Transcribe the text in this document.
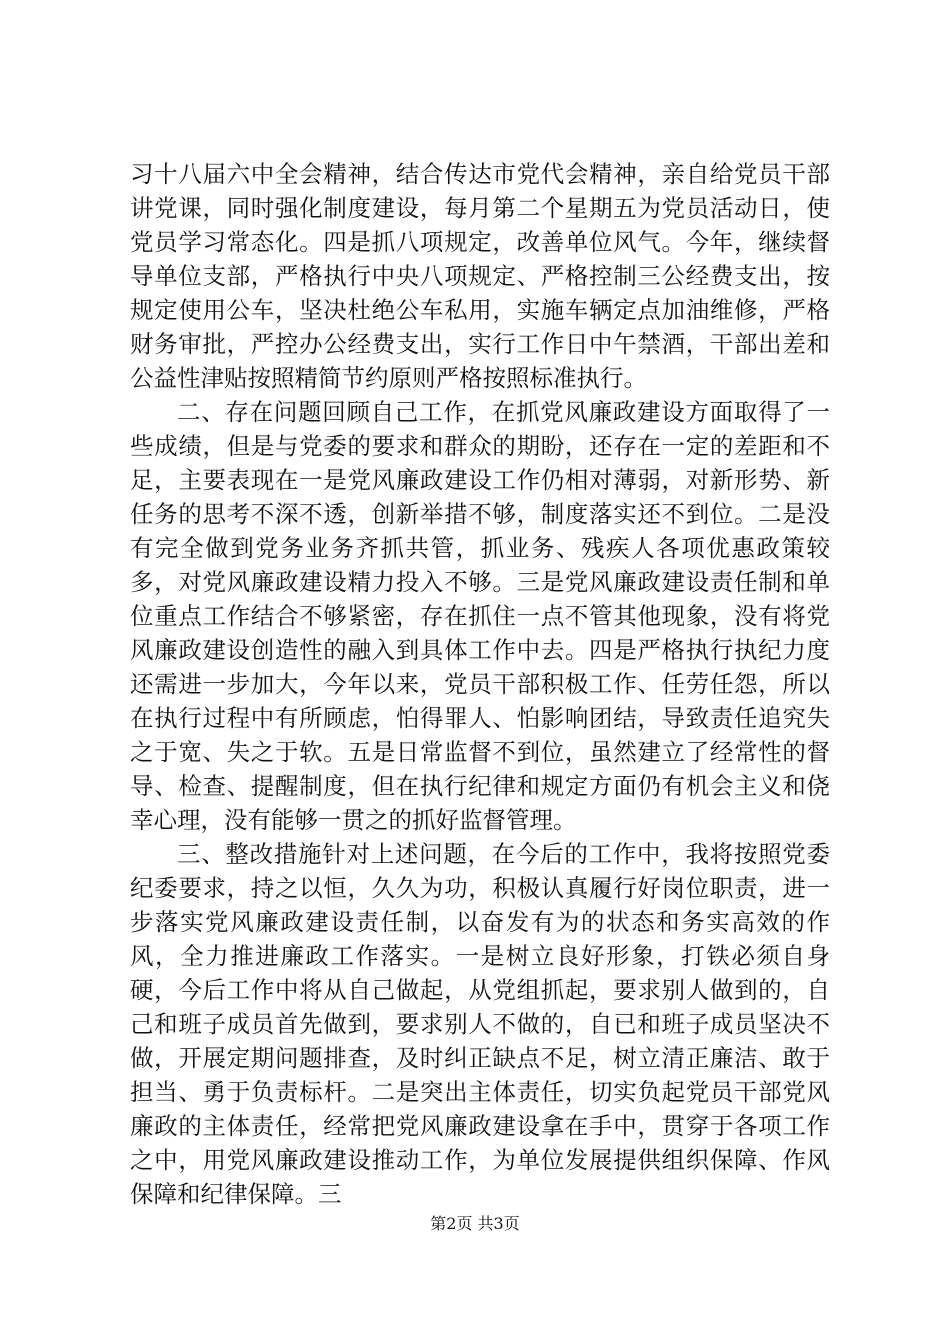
习十八届六中全会精神，结合传达市党代会精神，亲自给党员干部讲党课，同时强化制度建设，每月第二个星期五为党员活动日，使党员学习常态化。四是抓八项规定，改善单位风气。今年，继续督导单位支部，严格执行中央八项规定、严格控制三公经费支出，按规定使用公车，坚决杜绝公车私用，实施车辆定点加油维修，严格财务审批，严控办公经费支出，实行工作日中午禁酒，干部出差和公益性津贴按照精简节约原则严格按照标准执行。

二、存在问题回顾自己工作，在抓党风廉政建设方面取得了一些成绩，但是与党委的要求和群众的期盼，还存在一定的差距和不足，主要表现在一是党风廉政建设工作仍相对薄弱，对新形势、新任务的思考不深不透，创新举措不够，制度落实还不到位。二是没有完全做到党务业务齐抓共管，抓业务、残疾人各项优惠政策较多，对党风廉政建设精力投入不够。三是党风廉政建设责任制和单位重点工作结合不够紧密，存在抓住一点不管其他现象，没有将党风廉政建设创造性的融入到具体工作中去。四是严格执行执纪力度还需进一步加大，今年以来，党员干部积极工作、任劳任怨，所以在执行过程中有所顾虑，怕得罪人、怕影响团结，导致责任追究失之于宽、失之于软。五是日常监督不到位，虽然建立了经常性的督导、检查、提醒制度，但在执行纪律和规定方面仍有机会主义和侥幸心理，没有能够一贯之的抓好监督管理。

三、整改措施针对上述问题，在今后的工作中，我将按照党委纪委要求，持之以恒，久久为功，积极认真履行好岗位职责，进一步落实党风廉政建设责任制，以奋发有为的状态和务实高效的作风，全力推进廉政工作落实。一是树立良好形象，打铁必须自身硬，今后工作中将从自己做起，从党组抓起，要求别人做到的，自己和班子成员首先做到，要求别人不做的，自已和班子成员坚决不做，开展定期问题排查，及时纠正缺点不足，树立清正廉洁、敢于担当、勇于负责标杆。二是突出主体责任，切实负起党员干部党风廉政的主体责任，经常把党风廉政建设拿在手中，贯穿于各项工作之中，用党风廉政建设推动工作，为单位发展提供组织保障、作风保障和纪律保障。三

第2页 共3页
